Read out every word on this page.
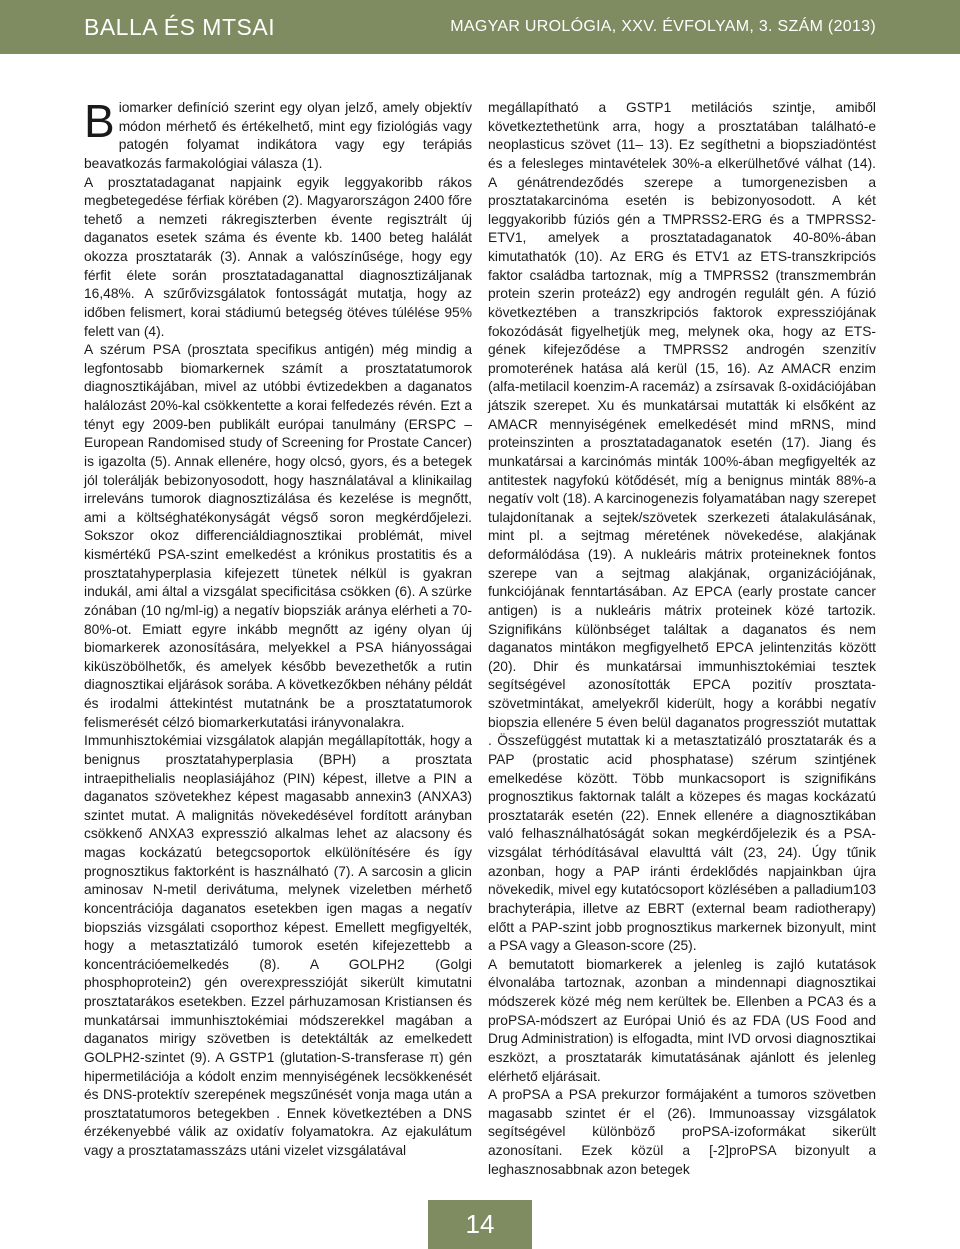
BALLA ÉS MTSAI	MAGYAR UROLÓGIA, XXV. ÉVFOLYAM, 3. SZÁM (2013)

Biomarker definíció szerint egy olyan jelző, amely objektív módon mérhető és értékelhető, mint egy fiziológiás vagy patogén folyamat indikátora vagy egy terápiás beavatkozás farmakológiai válasza (1).

A prosztatadaganat napjaink egyik leggyakoribb rákos megbetegedése férfiak körében (2). Magyarországon 2400 főre tehető a nemzeti rákregiszterben évente regisztrált új daganatos esetek száma és évente kb. 1400 beteg halálát okozza prosztatarák (3). Annak a valószínűsége, hogy egy férfit élete során prosztatadaganattal diagnosztizáljanak 16,48%. A szűrővizsgálatok fontosságát mutatja, hogy az időben felismert, korai stádiumú betegség ötéves túlélése 95% felett van (4).

A szérum PSA (prosztata specifikus antigén) még mindig a legfontosabb biomarkernek számít a prosztatatumorok diagnosztikájában, mivel az utóbbi évtizedekben a daganatos halálozást 20%-kal csökkentette a korai felfedezés révén. Ezt a tényt egy 2009-ben publikált európai tanulmány (ERSPC – European Randomised study of Screening for Prostate Cancer) is igazolta (5). Annak ellenére, hogy olcsó, gyors, és a betegek jól tolerálják bebizonyosodott, hogy használatával a klinikailag irreleváns tumorok diagnosztizálása és kezelése is megnőtt, ami a költséghatékonyságát végső soron megkérdőjelezi. Sokszor okoz differenciáldiagnosztikai problémát, mivel kismértékű PSA-szint emelkedést a krónikus prostatitis és a prosztatahyperplasia kifejezett tünetek nélkül is gyakran indukál, ami által a vizsgálat specificitása csökken (6). A szürke zónában (10 ng/ml-ig) a negatív biopsziák aránya elérheti a 70-80%-ot. Emiatt egyre inkább megnőtt az igény olyan új biomarkerek azonosítására, melyekkel a PSA hiányosságai kiküszöbölhetők, és amelyek később bevezethetők a rutin diagnosztikai eljárások sorába. A következőkben néhány példát és irodalmi áttekintést mutatnánk be a prosztatatumorok felismerését célzó biomarkerkutatási irányvonalakra.

Immunhisztokémiai vizsgálatok alapján megállapították, hogy a benignus prosztatahyperplasia (BPH) a prosztata intraepithelialis neoplasiájához (PIN) képest, illetve a PIN a daganatos szövetekhez képest magasabb annexin3 (ANXA3) szintet mutat. A malignitás növekedésével fordított arányban csökkenő ANXA3 expresszió alkalmas lehet az alacsony és magas kockázatú betegcsoportok elkülönítésére és így prognosztikus faktorként is használható (7). A sarcosin a glicin aminosav N-metil derivátuma, melynek vizeletben mérhető koncentrációja daganatos esetekben igen magas a negatív biopsziás vizsgálati csoporthoz képest. Emellett megfigyelték, hogy a metasztatizáló tumorok esetén kifejezettebb a koncentrációemelkedés (8). A GOLPH2 (Golgi phosphoprotein2) gén overexpresszióját sikerült kimutatni prosztatarákos esetekben. Ezzel párhuzamosan Kristiansen és munkatársai immunhisztokémiai módszerekkel magában a daganatos mirigy szövetben is detektálták az emelkedett GOLPH2-szintet (9). A GSTP1 (glutation-S-transferase π) gén hipermetilációja a kódolt enzim mennyiségének lecsökkenését és DNS-protektív szerepének megszűnését vonja maga után a prosztatatumoros betegekben . Ennek következtében a DNS érzékenyebbé válik az oxidatív folyamatokra. Az ejakulátum vagy a prosztatamasszázs utáni vizelet vizsgálatával

megállapítható a GSTP1 metilációs szintje, amiből következtethetünk arra, hogy a prosztatában található-e neoplasticus szövet (11– 13). Ez segíthetni a biopsziadöntést és a felesleges mintavételek 30%-a elkerülhetővé válhat (14). A génátrendeződés szerepe a tumorgenezisben a prosztatakarcinóma esetén is bebizonyosodott. A két leggyakoribb fúziós gén a TMPRSS2-ERG és a TMPRSS2-ETV1, amelyek a prosztatadaganatok 40-80%-ában kimutathatók (10). Az ERG és ETV1 az ETS-transzkripciós faktor családba tartoznak, míg a TMPRSS2 (transzmembrán protein szerin proteáz2) egy androgén regulált gén. A fúzió következtében a transzkripciós faktorok expressziójának fokozódását figyelhetjük meg, melynek oka, hogy az ETS-gének kifejeződése a TMPRSS2 androgén szenzitív promoterének hatása alá kerül (15, 16). Az AMACR enzim (alfa-metilacil koenzim-A racemáz) a zsírsavak ß-oxidációjában játszik szerepet. Xu és munkatársai mutatták ki elsőként az AMACR mennyiségének emelkedését mind mRNS, mind proteinszinten a prosztatadaganatok esetén (17). Jiang és munkatársai a karcinómás minták 100%-ában megfigyelték az antitestek nagyfokú kötődését, míg a benignus minták 88%-a negatív volt (18). A karcinogenezis folyamatában nagy szerepet tulajdonítanak a sejtek/szövetek szerkezeti átalakulásának, mint pl. a sejtmag méretének növekedése, alakjának deformálódása (19). A nukleáris mátrix proteineknek fontos szerepe van a sejtmag alakjának, organizációjának, funkciójának fenntartásában. Az EPCA (early prostate cancer antigen) is a nukleáris mátrix proteinek közé tartozik. Szignifikáns különbséget találtak a daganatos és nem daganatos mintákon megfigyelhető EPCA jelintenzitás között (20). Dhir és munkatársai immunhisztokémiai tesztek segítségével azonosították EPCA pozitív prosztata-szövetmintákat, amelyekről kiderült, hogy a korábbi negatív biopszia ellenére 5 éven belül daganatos progressziót mutattak . Összefüggést mutattak ki a metasztatizáló prosztatarák és a PAP (prostatic acid phosphatase) szérum szintjének emelkedése között. Több munkacsoport is szignifikáns prognosztikus faktornak talált a közepes és magas kockázatú prosztatarák esetén (22). Ennek ellenére a diagnosztikában való felhasználhatóságát sokan megkérdőjelezik és a PSA-vizsgálat térhódításával elavulttá vált (23, 24). Úgy tűnik azonban, hogy a PAP iránti érdeklődés napjainkban újra növekedik, mivel egy kutatócsoport közlésében a palladium103 brachyterápia, illetve az EBRT (external beam radiotherapy) előtt a PAP-szint jobb prognosztikus markernek bizonyult, mint a PSA vagy a Gleason-score (25).

A bemutatott biomarkerek a jelenleg is zajló kutatások élvonalába tartoznak, azonban a mindennapi diagnosztikai módszerek közé még nem kerültek be. Ellenben a PCA3 és a proPSA-módszert az Európai Unió és az FDA (US Food and Drug Administration) is elfogadta, mint IVD orvosi diagnosztikai eszközt, a prosztatarák kimutatásának ajánlott és jelenleg elérhető eljárásait.

A proPSA a PSA prekurzor formájaként a tumoros szövetben magasabb szintet ér el (26). Immunoassay vizsgálatok segítségével különböző proPSA-izoformákat sikerült azonosítani. Ezek közül a [-2]proPSA bizonyult a leghasznosabbnak azon betegek

14
